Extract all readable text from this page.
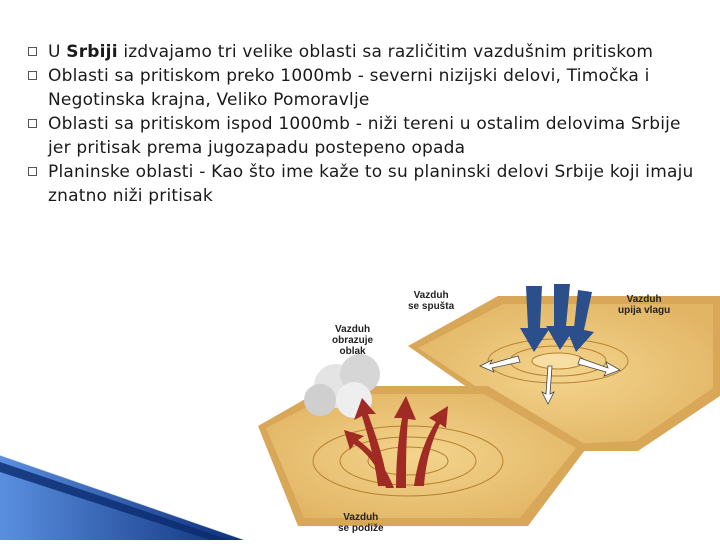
U Srbiji izdvajamo tri velike oblasti sa različitim vazdušnim pritiskom
Oblasti sa pritiskom preko 1000mb - severni nizijski delovi, Timočka i Negotinska krajna, Veliko Pomoravlje
Oblasti sa pritiskom ispod 1000mb - niži tereni u ostalim delovima Srbije jer pritisak prema jugozapadu postepeno opada
Planinske oblasti - Kao što ime kaže to su planinski delovi Srbije koji imaju znatno niži pritisak
Vazduh
se spušta
Vazduh
upija vlagu
Vazduh
obrazuje
oblak
Vazduh
se podiže
